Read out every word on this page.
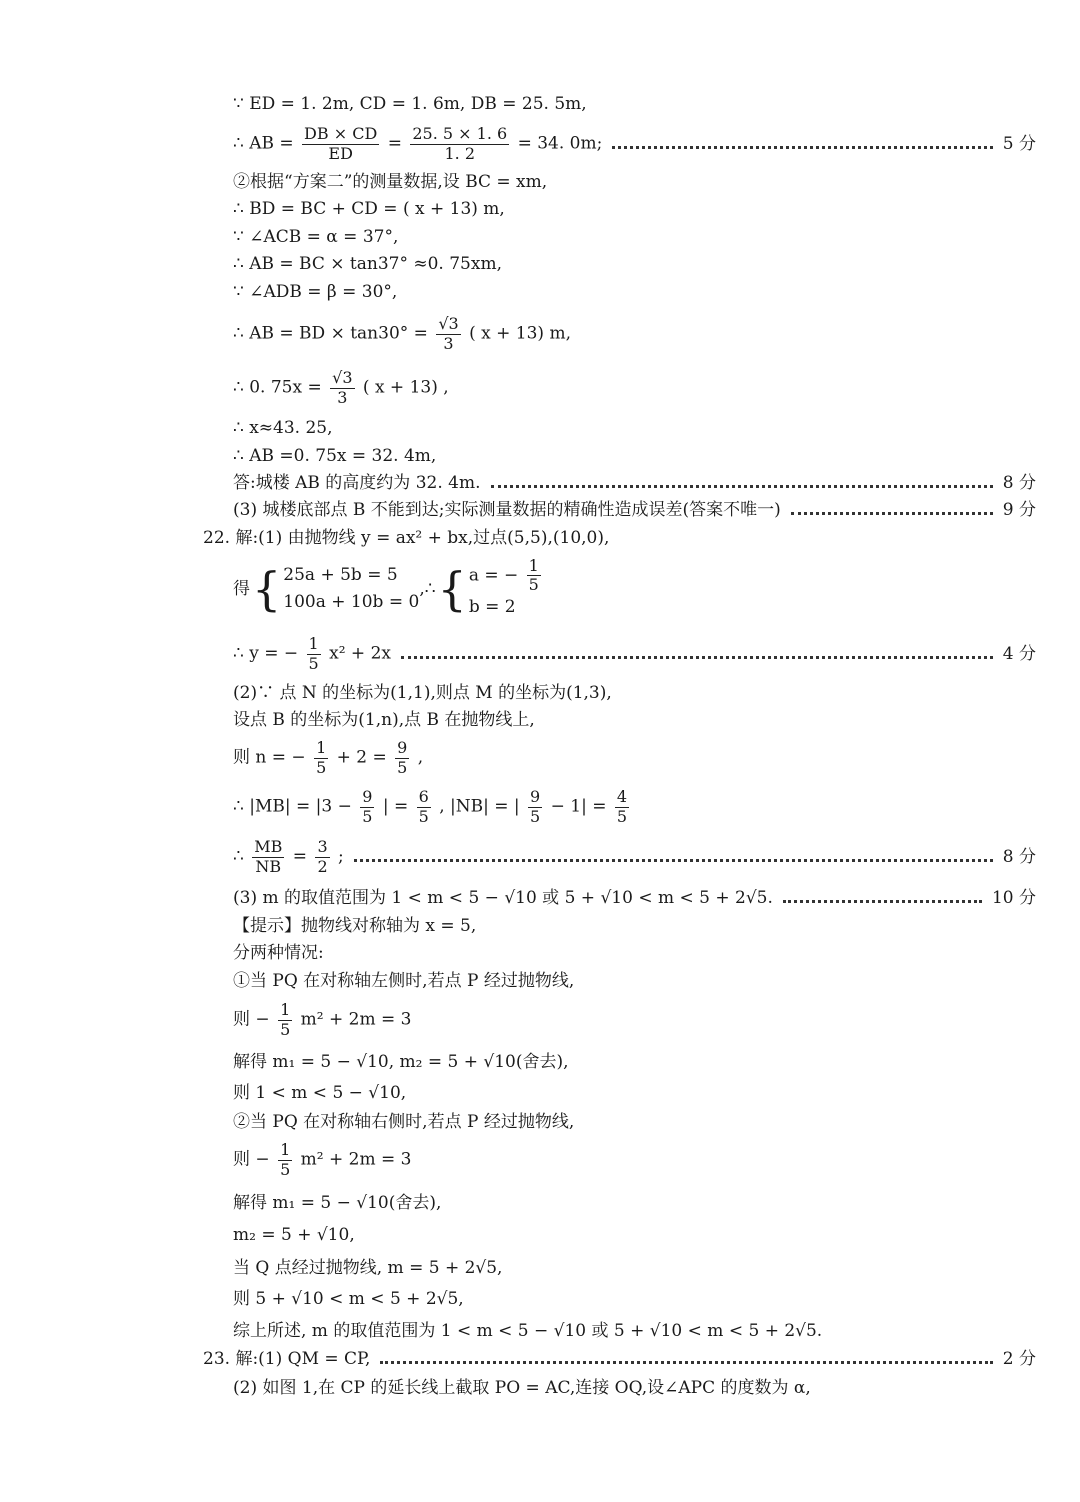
∵ ED = 1. 2m, CD = 1. 6m, DB = 25. 5m,
∴ AB = $\frac{DB \times CD}{ED} = \frac{25. 5 \times 1. 6}{1. 2} = 34$. 0m;	5 分
②根据“方案二”的测量数据,设 BC = xm,
∴ BD = BC + CD = ( x + 13) m,
∵ ∠ACB = α = 37°,
∴ AB = BC × tan37° ≈0. 75xm,
∵ ∠ADB = β = 30°,
∴ AB = BD × $\tan 30^\circ = \frac{√3}{3}$ ( x + 13) m,
∴ 0. $75x = \frac{√3}{3}$ ( x + 13) ,
∴ x≈43. 25,
∴ AB =0. 75x = 32. 4m,
答:城楼 AB 的高度约为 32. 4m.	8 分
(3) 城楼底部点 B 不能到达;实际测量数据的精确性造成误差(答案不唯一)	9 分
22. 解:(1) 由抛物线 y = ax² + bx,过点(5,5),(10,0),
得 { 25a + 5b = 5
100a + 10b = 0
,∴ { a = − $\frac{1}{5}$
b = 2
∴ y = − $\frac{1}{5} x^2 + 2x$	4 分
(2)∵ 点 N 的坐标为(1,1),则点 M 的坐标为(1,3),
设点 B 的坐标为(1,n),点 B 在抛物线上,
则 n = − $\frac{1}{5} + 2 = \frac{9}{5}$ ,
∴ $|MB| = |3 - \frac{9}{5}$ | = $\frac{6}{5}$ , |NB| = | $\frac{9}{5} - 1| = \frac{4}{5}$
∴ $\frac{MB}{NB} = \frac{3}{2}$ ;	8 分
(3) m 的取值范围为 1 < m < 5 − √10 或 5 + √10 < m < 5 + 2√5.	10 分
【提示】抛物线对称轴为 x = 5,
分两种情况:
①当 PQ 在对称轴左侧时,若点 P 经过抛物线,
则 − $\frac{1}{5} m^2 + 2m = 3$
解得 m₁ = 5 − √10, m₂ = 5 + √10(舍去),
则 1 < m < 5 − √10,
②当 PQ 在对称轴右侧时,若点 P 经过抛物线,
则 − $\frac{1}{5} m^2 + 2m = 3$
解得 m₁ = 5 − √10(舍去),
m₂ = 5 + √10,
当 Q 点经过抛物线, m = 5 + 2√5,
则 5 + √10 < m < 5 + 2√5,
综上所述, m 的取值范围为 1 < m < 5 − √10 或 5 + √10 < m < 5 + 2√5.
23. 解:(1) QM = CP,	2 分
(2) 如图 1,在 CP 的延长线上截取 PO = AC,连接 OQ,设∠APC 的度数为 α,
